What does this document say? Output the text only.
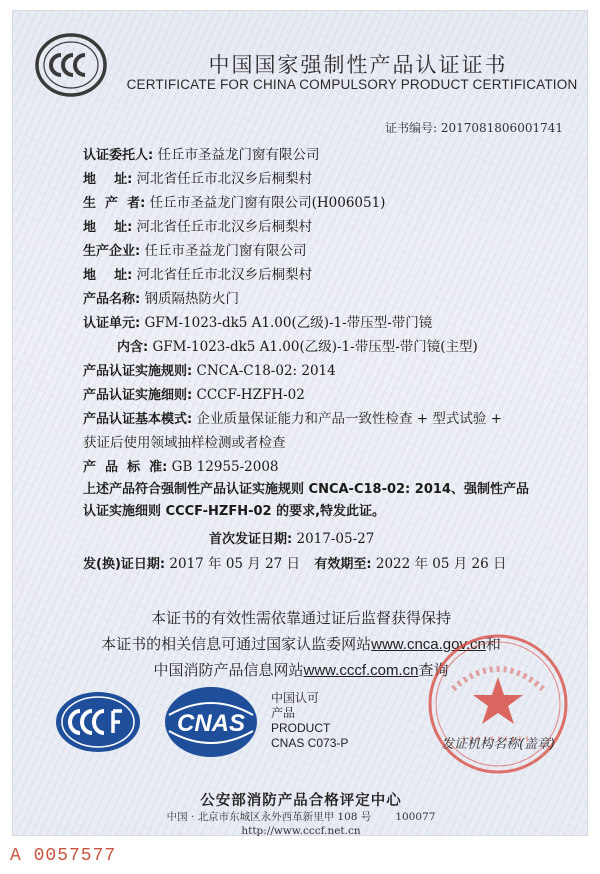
中国国家强制性产品认证证书
CERTIFICATE FOR CHINA COMPULSORY PRODUCT CERTIFICATION
证书编号: 2017081806001741
认证委托人: 任丘市圣益龙门窗有限公司
地    址: 河北省任丘市北汉乡后桐梨村
生  产  者: 任丘市圣益龙门窗有限公司(H006051)
地    址: 河北省任丘市北汉乡后桐梨村
生产企业: 任丘市圣益龙门窗有限公司
地    址: 河北省任丘市北汉乡后桐梨村
产品名称: 钢质隔热防火门
认证单元: GFM-1023-dk5 A1.00(乙级)-1-带压型-带门镜
内含: GFM-1023-dk5 A1.00(乙级)-1-带压型-带门镜(主型)
产品认证实施规则: CNCA-C18-02: 2014
产品认证实施细则: CCCF-HZFH-02
产品认证基本模式: 企业质量保证能力和产品一致性检查 + 型式试验 +
获证后使用领域抽样检测或者检查
产  品  标  准: GB 12955-2008
上述产品符合强制性产品认证实施规则 CNCA-C18-02: 2014、强制性产品
认证实施细则 CCCF-HZFH-02 的要求,特发此证。
首次发证日期: 2017-05-27
发(换)证日期: 2017 年 05 月 27 日 有效期至: 2022 年 05 月 26 日
本证书的有效性需依靠通过证后监督获得保持
本证书的相关信息可通过国家认监委网站www.cnca.gov.cn和
中国消防产品信息网站www.cccf.com.cn查询
CNAS
中国认可
产品
PRODUCT
CNAS C073-P	发证机构名称(盖章)
公安部消防产品合格评定中心
中国 · 北京市东城区永外西革新里甲 108 号 100077
http://www.cccf.net.cn
A 0057577
